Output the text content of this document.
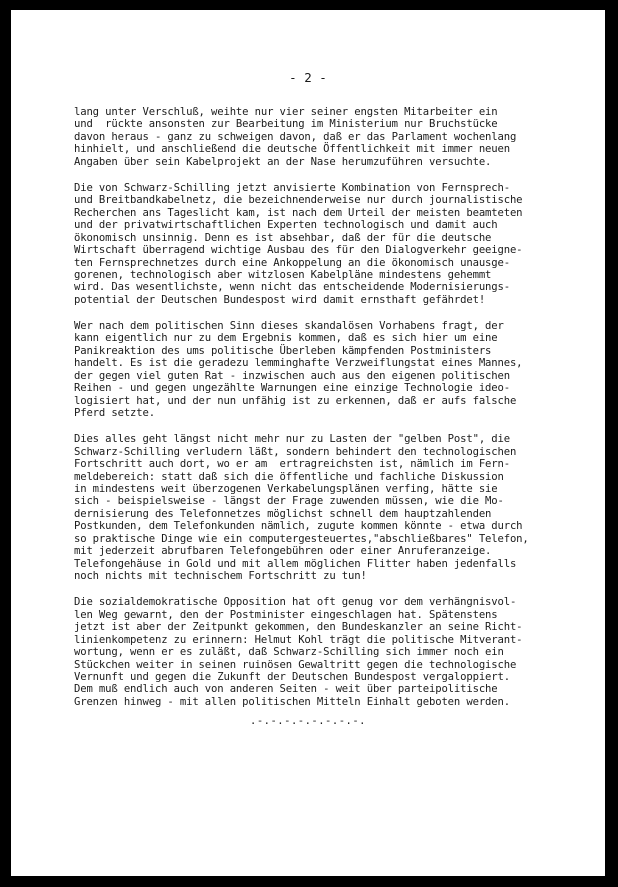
- 2 -
lang unter Verschluß, weihte nur vier seiner engsten Mitarbeiter ein
und  rückte ansonsten zur Bearbeitung im Ministerium nur Bruchstücke
davon heraus - ganz zu schweigen davon, daß er das Parlament wochenlang
hinhielt, und anschließend die deutsche Öffentlichkeit mit immer neuen
Angaben über sein Kabelprojekt an der Nase herumzuführen versuchte.
Die von Schwarz-Schilling jetzt anvisierte Kombination von Fernsprech-
und Breitbandkabelnetz, die bezeichnenderweise nur durch journalistische
Recherchen ans Tageslicht kam, ist nach dem Urteil der meisten beamteten
und der privatwirtschaftlichen Experten technologisch und damit auch
ökonomisch unsinnig. Denn es ist absehbar, daß der für die deutsche
Wirtschaft überragend wichtige Ausbau des für den Dialogverkehr geeigne-
ten Fernsprechnetzes durch eine Ankoppelung an die ökonomisch unausge-
gorenen, technologisch aber witzlosen Kabelpläne mindestens gehemmt
wird. Das wesentlichste, wenn nicht das entscheidende Modernisierungs-
potential der Deutschen Bundespost wird damit ernsthaft gefährdet!
Wer nach dem politischen Sinn dieses skandalösen Vorhabens fragt, der
kann eigentlich nur zu dem Ergebnis kommen, daß es sich hier um eine
Panikreaktion des ums politische Überleben kämpfenden Postministers
handelt. Es ist die geradezu lemminghafte Verzweiflungstat eines Mannes,
der gegen viel guten Rat - inzwischen auch aus den eigenen politischen
Reihen - und gegen ungezählte Warnungen eine einzige Technologie ideo-
logisiert hat, und der nun unfähig ist zu erkennen, daß er aufs falsche
Pferd setzte.
Dies alles geht längst nicht mehr nur zu Lasten der "gelben Post", die
Schwarz-Schilling verludern läßt, sondern behindert den technologischen
Fortschritt auch dort, wo er am  ertragreichsten ist, nämlich im Fern-
meldebereich: statt daß sich die öffentliche und fachliche Diskussion
in mindestens weit überzogenen Verkabelungsplänen verfing, hätte sie
sich - beispielsweise - längst der Frage zuwenden müssen, wie die Mo-
dernisierung des Telefonnetzes möglichst schnell dem hauptzahlenden
Postkunden, dem Telefonkunden nämlich, zugute kommen könnte - etwa durch
so praktische Dinge wie ein computergesteuertes,"abschließbares" Telefon,
mit jederzeit abrufbaren Telefongebühren oder einer Anruferanzeige.
Telefongehäuse in Gold und mit allem möglichen Flitter haben jedenfalls
noch nichts mit technischem Fortschritt zu tun!
Die sozialdemokratische Opposition hat oft genug vor dem verhängnisvol-
len Weg gewarnt, den der Postminister eingeschlagen hat. Spätenstens
jetzt ist aber der Zeitpunkt gekommen, den Bundeskanzler an seine Richt-
linienkompetenz zu erinnern: Helmut Kohl trägt die politische Mitverant-
wortung, wenn er es zuläßt, daß Schwarz-Schilling sich immer noch ein
Stückchen weiter in seinen ruinösen Gewaltritt gegen die technologische
Vernunft und gegen die Zukunft der Deutschen Bundespost vergaloppiert.
Dem muß endlich auch von anderen Seiten - weit über parteipolitische
Grenzen hinweg - mit allen politischen Mitteln Einhalt geboten werden.
.-.-.-.-.-.-.-.-.
